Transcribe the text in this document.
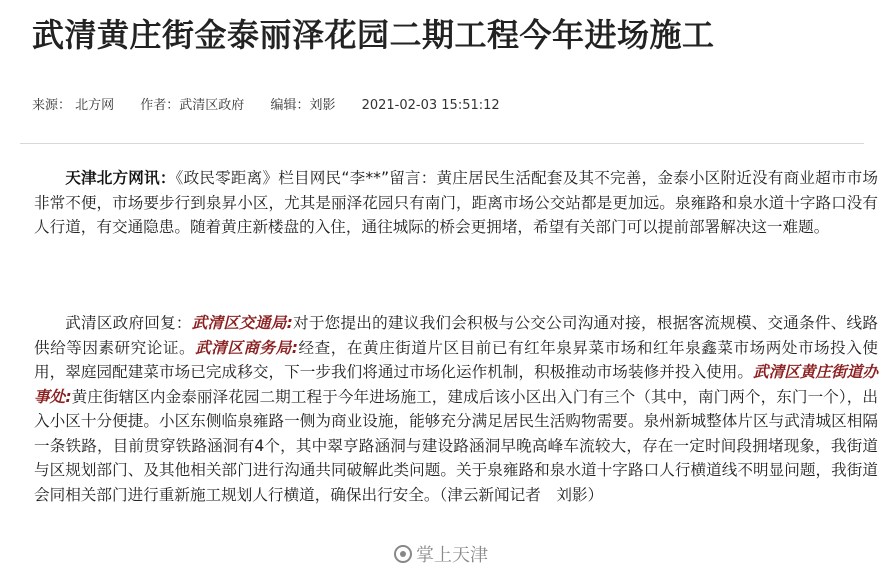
武清黄庄街金泰丽泽花园二期工程今年进场施工
来源： 北方网 作者：武清区政府 编辑：刘影 2021-02-03 15:51:12

天津北方网讯：《政民零距离》栏目网民“李**”留言：黄庄居民生活配套及其不完善，金泰小区附近没有商业超市市场非常不便，市场要步行到泉昇小区，尤其是丽泽花园只有南门，距离市场公交站都是更加远。泉雍路和泉水道十字路口没有人行道，有交通隐患。随着黄庄新楼盘的入住，通往城际的桥会更拥堵，希望有关部门可以提前部署解决这一难题。

武清区政府回复：武清区交通局:对于您提出的建议我们会积极与公交公司沟通对接，根据客流规模、交通条件、线路供给等因素研究论证。武清区商务局:经查，在黄庄街道片区目前已有红年泉昇菜市场和红年泉鑫菜市场两处市场投入使用，翠庭园配建菜市场已完成移交，下一步我们将通过市场化运作机制，积极推动市场装修并投入使用。武清区黄庄街道办事处:黄庄街辖区内金泰丽泽花园二期工程于今年进场施工，建成后该小区出入门有三个（其中，南门两个，东门一个），出入小区十分便捷。小区东侧临泉雍路一侧为商业设施，能够充分满足居民生活购物需要。泉州新城整体片区与武清城区相隔一条铁路，目前贯穿铁路涵洞有4个，其中翠亨路涵洞与建设路涵洞早晚高峰车流较大，存在一定时间段拥堵现象，我街道与区规划部门、及其他相关部门进行沟通共同破解此类问题。关于泉雍路和泉水道十字路口人行横道线不明显问题，我街道会同相关部门进行重新施工规划人行横道，确保出行安全。（津云新闻记者　刘影）

掌上天津
